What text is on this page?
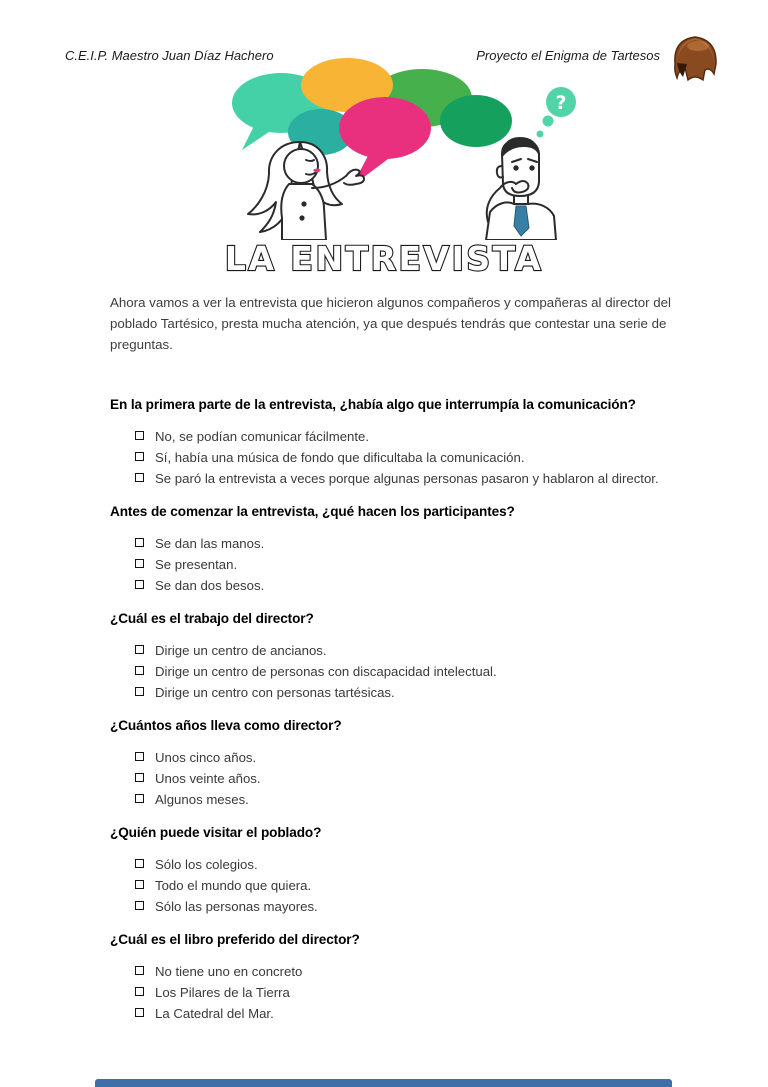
C.E.I.P. Maestro Juan Díaz Hachero	Proyecto el Enigma de Tartesos
?
LA ENTREVISTA

Ahora vamos a ver la entrevista que hicieron algunos compañeros y compañeras al director del poblado Tartésico, presta mucha atención, ya que después tendrás que contestar una serie de preguntas.

En la primera parte de la entrevista, ¿había algo que interrumpía la comunicación?
No, se podían comunicar fácilmente.
Sí, había una música de fondo que dificultaba la comunicación.
Se paró la entrevista a veces porque algunas personas pasaron y hablaron al director.
Antes de comenzar la entrevista, ¿qué hacen los participantes?
Se dan las manos.
Se presentan.
Se dan dos besos.
¿Cuál es el trabajo del director?
Dirige un centro de ancianos.
Dirige un centro de personas con discapacidad intelectual.
Dirige un centro con personas tartésicas.
¿Cuántos años lleva como director?
Unos cinco años.
Unos veinte años.
Algunos meses.
¿Quién puede visitar el poblado?
Sólo los colegios.
Todo el mundo que quiera.
Sólo las personas mayores.
¿Cuál es el libro preferido del director?
No tiene uno en concreto
Los Pilares de la Tierra
La Catedral del Mar.
